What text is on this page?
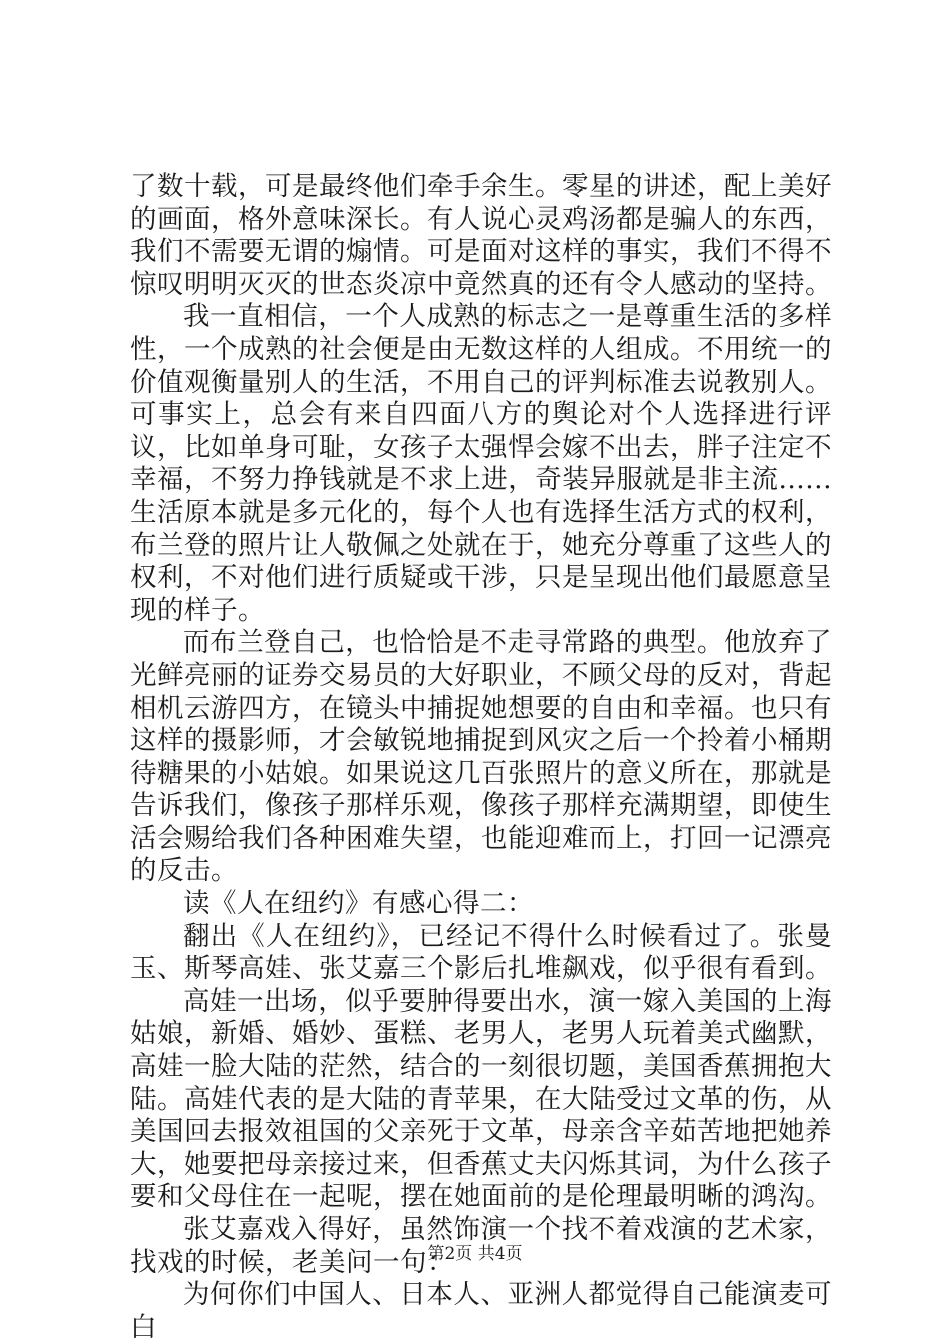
了数十载，可是最终他们牵手余生。零星的讲述，配上美好的画面，格外意味深长。有人说心灵鸡汤都是骗人的东西，我们不需要无谓的煽情。可是面对这样的事实，我们不得不惊叹明明灭灭的世态炎凉中竟然真的还有令人感动的坚持。

我一直相信，一个人成熟的标志之一是尊重生活的多样性，一个成熟的社会便是由无数这样的人组成。不用统一的价值观衡量别人的生活，不用自己的评判标准去说教别人。可事实上，总会有来自四面八方的舆论对个人选择进行评议，比如单身可耻，女孩子太强悍会嫁不出去，胖子注定不幸福，不努力挣钱就是不求上进，奇装异服就是非主流......生活原本就是多元化的，每个人也有选择生活方式的权利，布兰登的照片让人敬佩之处就在于，她充分尊重了这些人的权利，不对他们进行质疑或干涉，只是呈现出他们最愿意呈现的样子。

而布兰登自己，也恰恰是不走寻常路的典型。他放弃了光鲜亮丽的证券交易员的大好职业，不顾父母的反对，背起相机云游四方，在镜头中捕捉她想要的自由和幸福。也只有这样的摄影师，才会敏锐地捕捉到风灾之后一个拎着小桶期待糖果的小姑娘。如果说这几百张照片的意义所在，那就是告诉我们，像孩子那样乐观，像孩子那样充满期望，即使生活会赐给我们各种困难失望，也能迎难而上，打回一记漂亮的反击。

读《人在纽约》有感心得二：

翻出《人在纽约》，已经记不得什么时候看过了。张曼玉、斯琴高娃、张艾嘉三个影后扎堆飙戏，似乎很有看到。

高娃一出场，似乎要肿得要出水，演一嫁入美国的上海姑娘，新婚、婚妙、蛋糕、老男人，老男人玩着美式幽默，高娃一脸大陆的茫然，结合的一刻很切题，美国香蕉拥抱大陆。高娃代表的是大陆的青苹果，在大陆受过文革的伤，从美国回去报效祖国的父亲死于文革，母亲含辛茹苦地把她养大，她要把母亲接过来，但香蕉丈夫闪烁其词，为什么孩子要和父母住在一起呢，摆在她面前的是伦理最明晰的鸿沟。

张艾嘉戏入得好，虽然饰演一个找不着戏演的艺术家，找戏的时候，老美问一句：

为何你们中国人、日本人、亚洲人都觉得自己能演麦可白

第2页 共4页
